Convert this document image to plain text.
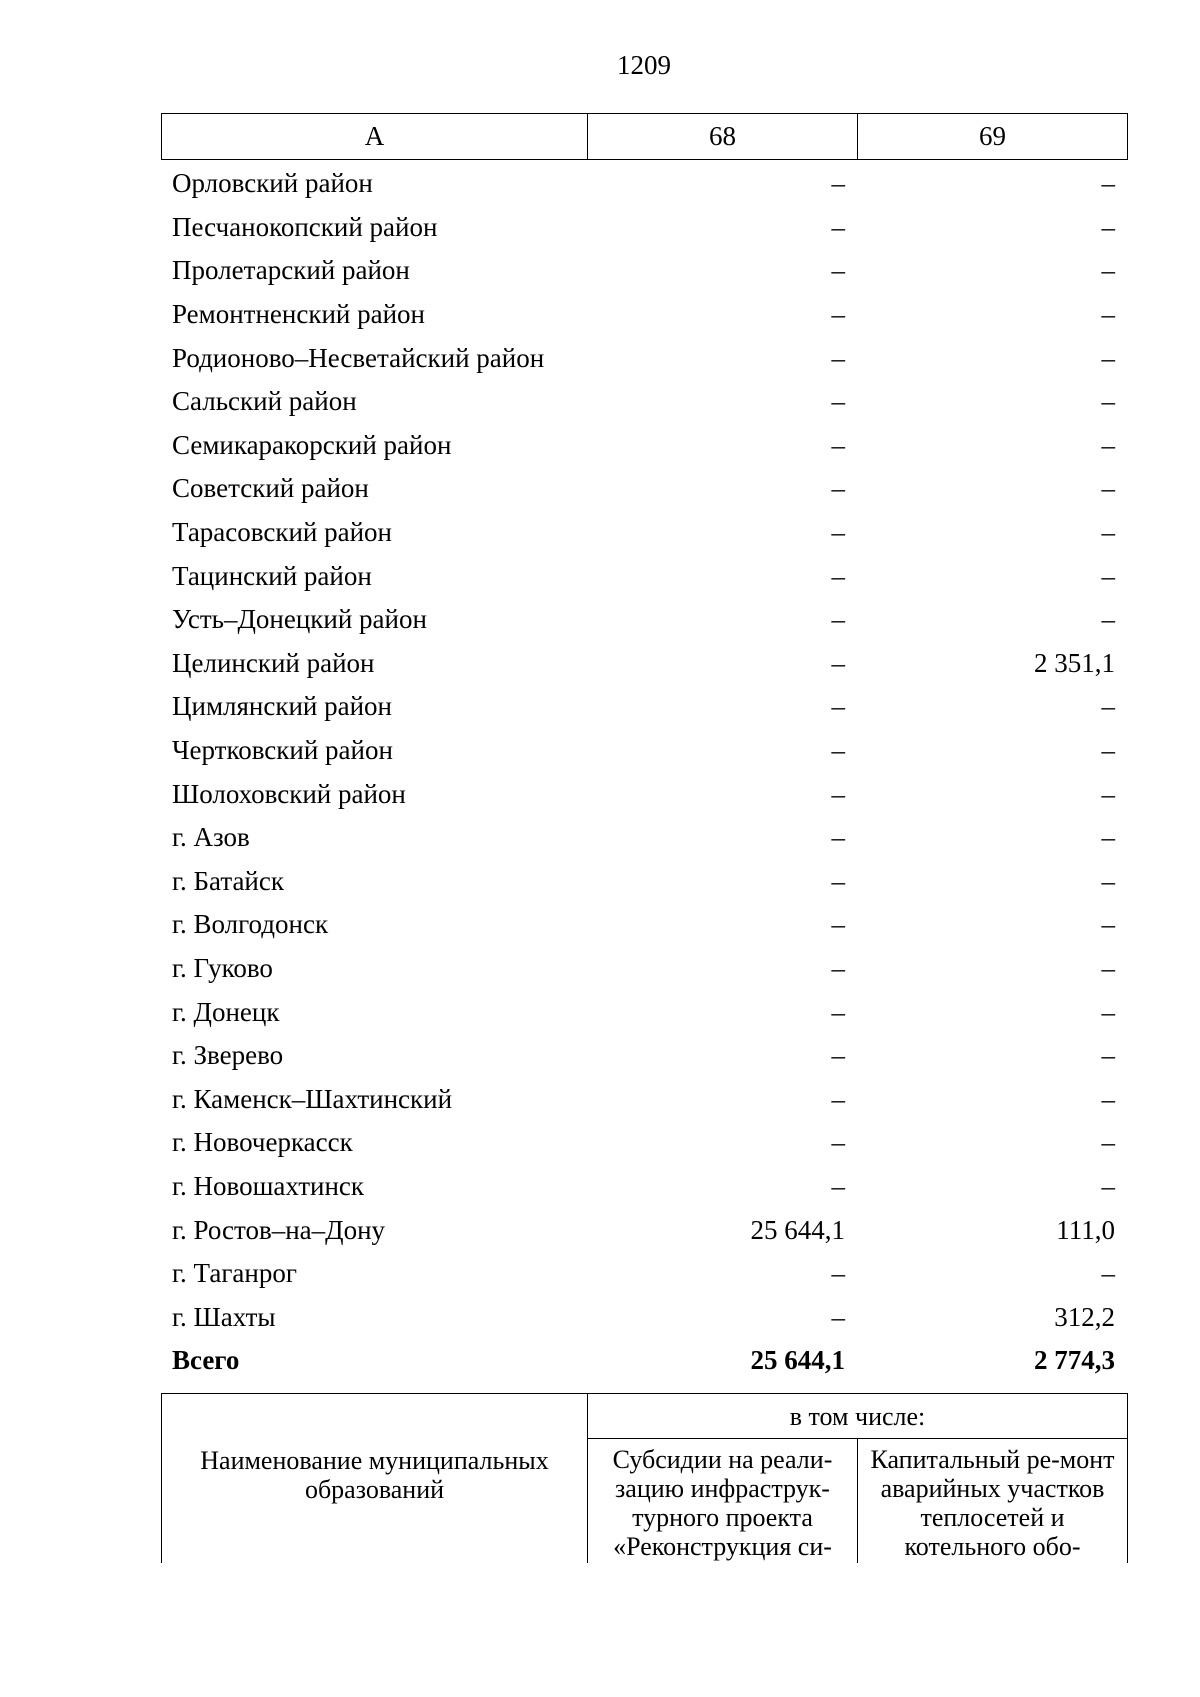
1209
А	68	69
Орловский район	–	–
Песчанокопский район	–	–
Пролетарский район	–	–
Ремонтненский район	–	–
Родионово–Несветайский район	–	–
Сальский район	–	–
Семикаракорский район	–	–
Советский район	–	–
Тарасовский район	–	–
Тацинский район	–	–
Усть–Донецкий район	–	–
Целинский район	–	2 351,1
Цимлянский район	–	–
Чертковский район	–	–
Шолоховский район	–	–
г. Азов	–	–
г. Батайск	–	–
г. Волгодонск	–	–
г. Гуково	–	–
г. Донецк	–	–
г. Зверево	–	–
г. Каменск–Шахтинский	–	–
г. Новочеркасск	–	–
г. Новошахтинск	–	–
г. Ростов–на–Дону	25 644,1	111,0
г. Таганрог	–	–
г. Шахты	–	312,2
Всего	25 644,1	2 774,3
Наименование муниципальных образований	в том числе:	

	Субсидии на реали-зацию инфраструк-турного проекта «Реконструкция си-	Капитальный ре-монт аварийных участков теплосетей и котельного обо-
